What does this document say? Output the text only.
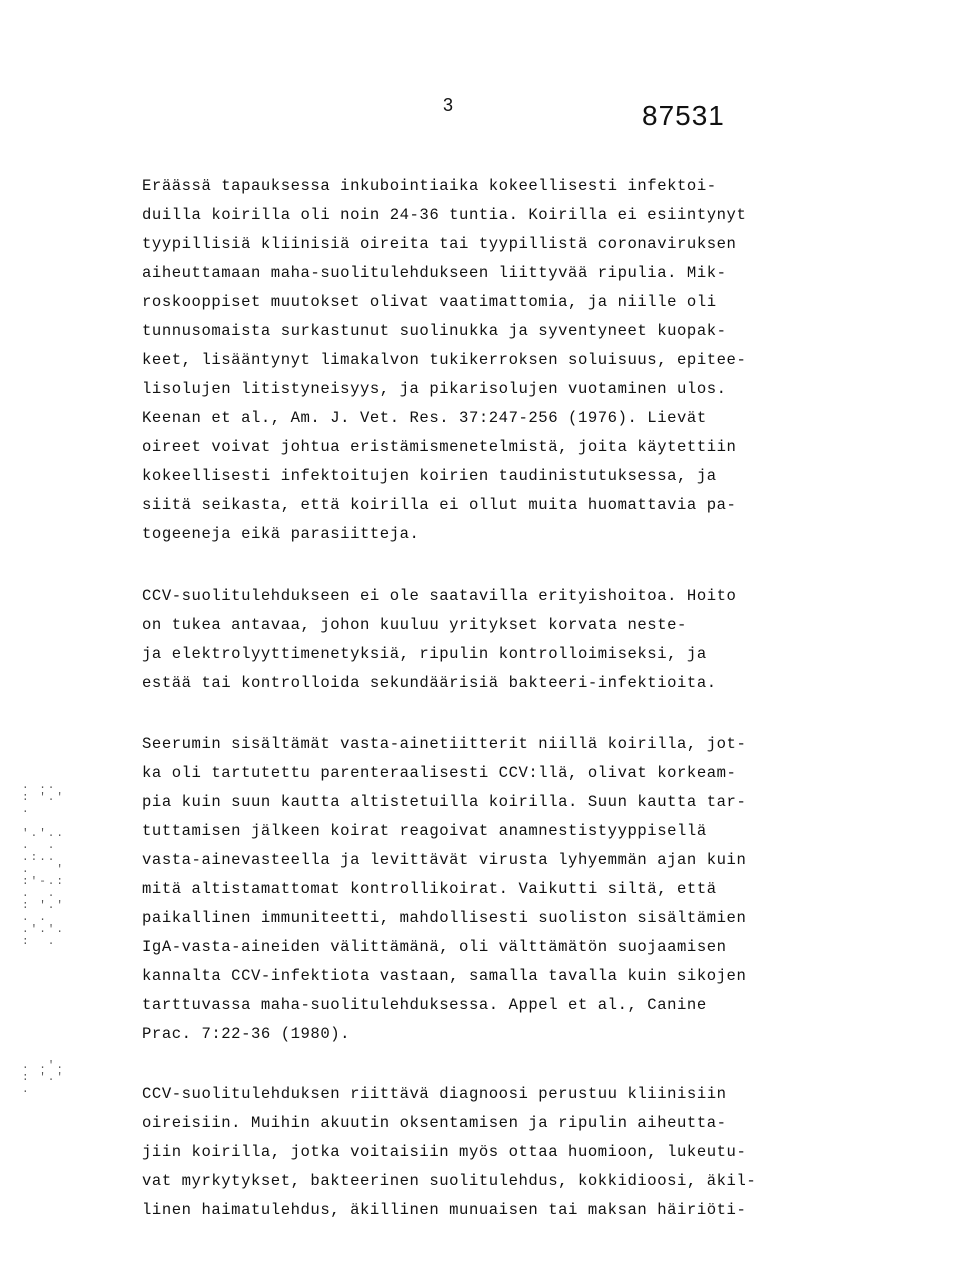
3	87531
. ..
: '.'
.

'.'..
.  .
.:..
.   '
:'-.:
.  .
: '.'
. .
.'.'.
:  .
. .'.
: '.'
.
Eräässä tapauksessa inkubointiaika kokeellisesti infektoi-
duilla koirilla oli noin 24-36 tuntia. Koirilla ei esiintynyt
tyypillisiä kliinisiä oireita tai tyypillistä coronaviruksen
aiheuttamaan maha-suolitulehdukseen liittyvää ripulia. Mik-
roskooppiset muutokset olivat vaatimattomia, ja niille oli
tunnusomaista surkastunut suolinukka ja syventyneet kuopak-
keet, lisääntynyt limakalvon tukikerroksen soluisuus, epitee-
lisolujen litistyneisyys, ja pikarisolujen vuotaminen ulos.
Keenan et al., Am. J. Vet. Res. 37:247-256 (1976). Lievät
oireet voivat johtua eristämismenetelmistä, joita käytettiin
kokeellisesti infektoitujen koirien taudinistutuksessa, ja
siitä seikasta, että koirilla ei ollut muita huomattavia pa-
togeeneja eikä parasiitteja.
CCV-suolitulehdukseen ei ole saatavilla erityishoitoa. Hoito
on tukea antavaa, johon kuuluu yritykset korvata neste-
ja elektrolyyttimenetyksiä, ripulin kontrolloimiseksi, ja
estää tai kontrolloida sekundäärisiä bakteeri-infektioita.
Seerumin sisältämät vasta-ainetiitterit niillä koirilla, jot-
ka oli tartutettu parenteraalisesti CCV:llä, olivat korkeam-
pia kuin suun kautta altistetuilla koirilla. Suun kautta tar-
tuttamisen jälkeen koirat reagoivat anamnestistyyppisellä
vasta-ainevasteella ja levittävät virusta lyhyemmän ajan kuin
mitä altistamattomat kontrollikoirat. Vaikutti siltä, että
paikallinen immuniteetti, mahdollisesti suoliston sisältämien
IgA-vasta-aineiden välittämänä, oli välttämätön suojaamisen
kannalta CCV-infektiota vastaan, samalla tavalla kuin sikojen
tarttuvassa maha-suolitulehduksessa. Appel et al., Canine
Prac. 7:22-36 (1980).
CCV-suolitulehduksen riittävä diagnoosi perustuu kliinisiin
oireisiin. Muihin akuutin oksentamisen ja ripulin aiheutta-
jiin koirilla, jotka voitaisiin myös ottaa huomioon, lukeutu-
vat myrkytykset, bakteerinen suolitulehdus, kokkidioosi, äkil-
linen haimatulehdus, äkillinen munuaisen tai maksan häiriöti-
